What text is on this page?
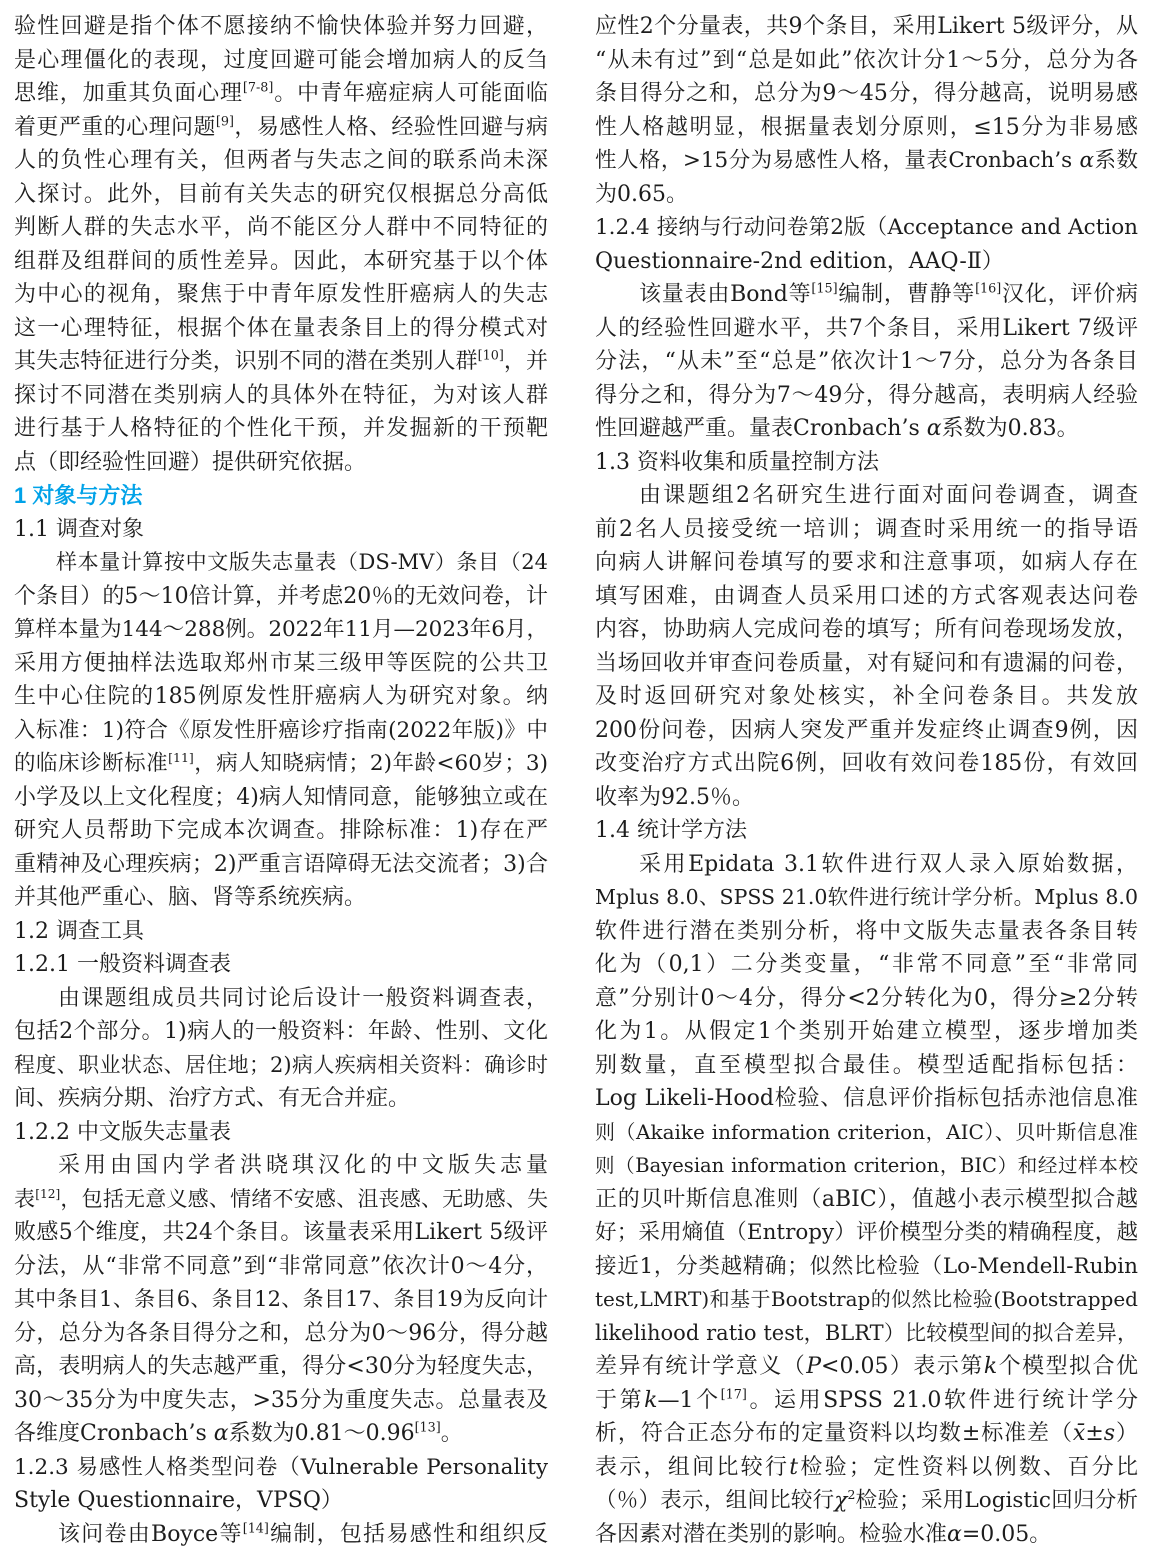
验性回避是指个体不愿接纳不愉快体验并努力回避，
是心理僵化的表现，过度回避可能会增加病人的反刍
思维，加重其负面心理[7-8]。中青年癌症病人可能面临
着更严重的心理问题[9]，易感性人格、经验性回避与病
人的负性心理有关，但两者与失志之间的联系尚未深
入探讨。此外，目前有关失志的研究仅根据总分高低
判断人群的失志水平，尚不能区分人群中不同特征的
组群及组群间的质性差异。因此，本研究基于以个体
为中心的视角，聚焦于中青年原发性肝癌病人的失志
这一心理特征，根据个体在量表条目上的得分模式对
其失志特征进行分类，识别不同的潜在类别人群[10]，并
探讨不同潜在类别病人的具体外在特征，为对该人群
进行基于人格特征的个性化干预，并发掘新的干预靶
点（即经验性回避）提供研究依据。
1 对象与方法
1.1 调查对象
样本量计算按中文版失志量表（DS-MV）条目（24
个条目）的5～10倍计算，并考虑20％的无效问卷，计
算样本量为144～288例。2022年11月—2023年6月，
采用方便抽样法选取郑州市某三级甲等医院的公共卫
生中心住院的185例原发性肝癌病人为研究对象。纳
入标准：1)符合《原发性肝癌诊疗指南(2022年版)》中
的临床诊断标准[11]，病人知晓病情；2)年龄<60岁；3)
小学及以上文化程度；4)病人知情同意，能够独立或在
研究人员帮助下完成本次调查。排除标准：1)存在严
重精神及心理疾病；2)严重言语障碍无法交流者；3)合
并其他严重心、脑、肾等系统疾病。
1.2 调查工具
1.2.1 一般资料调查表
由课题组成员共同讨论后设计一般资料调查表，
包括2个部分。1)病人的一般资料：年龄、性别、文化
程度、职业状态、居住地；2)病人疾病相关资料：确诊时
间、疾病分期、治疗方式、有无合并症。
1.2.2 中文版失志量表
采用由国内学者洪晓琪汉化的中文版失志量
表[12]，包括无意义感、情绪不安感、沮丧感、无助感、失
败感5个维度，共24个条目。该量表采用Likert 5级评
分法，从“非常不同意”到“非常同意”依次计0～4分，
其中条目1、条目6、条目12、条目17、条目19为反向计
分，总分为各条目得分之和，总分为0～96分，得分越
高，表明病人的失志越严重，得分<30分为轻度失志，
30～35分为中度失志，>35分为重度失志。总量表及
各维度Cronbach’s α系数为0.81～0.96[13]。
1.2.3 易感性人格类型问卷（Vulnerable Personality
Style Questionnaire，VPSQ）
该问卷由Boyce等[14]编制，包括易感性和组织反
应性2个分量表，共9个条目，采用Likert 5级评分，从
“从未有过”到“总是如此”依次计分1～5分，总分为各
条目得分之和，总分为9～45分，得分越高，说明易感
性人格越明显，根据量表划分原则，≤15分为非易感
性人格，>15分为易感性人格，量表Cronbach’s α系数
为0.65。
1.2.4 接纳与行动问卷第2版（Acceptance and Action
Questionnaire-2nd edition，AAQ-Ⅱ）
该量表由Bond等[15]编制，曹静等[16]汉化，评价病
人的经验性回避水平，共7个条目，采用Likert 7级评
分法，“从未”至“总是”依次计1～7分，总分为各条目
得分之和，得分为7～49分，得分越高，表明病人经验
性回避越严重。量表Cronbach’s α系数为0.83。
1.3 资料收集和质量控制方法
由课题组2名研究生进行面对面问卷调查，调查
前2名人员接受统一培训；调查时采用统一的指导语
向病人讲解问卷填写的要求和注意事项，如病人存在
填写困难，由调查人员采用口述的方式客观表达问卷
内容，协助病人完成问卷的填写；所有问卷现场发放，
当场回收并审查问卷质量，对有疑问和有遗漏的问卷，
及时返回研究对象处核实，补全问卷条目。共发放
200份问卷，因病人突发严重并发症终止调查9例，因
改变治疗方式出院6例，回收有效问卷185份，有效回
收率为92.5％。
1.4 统计学方法
采用Epidata 3.1软件进行双人录入原始数据，
Mplus 8.0、SPSS 21.0软件进行统计学分析。Mplus 8.0
软件进行潜在类别分析，将中文版失志量表各条目转
化为（0,1）二分类变量，“非常不同意”至“非常同
意”分别计0～4分，得分<2分转化为0，得分≥2分转
化为1。从假定1个类别开始建立模型，逐步增加类
别数量，直至模型拟合最佳。模型适配指标包括：
Log Likeli-Hood检验、信息评价指标包括赤池信息准
则（Akaike information criterion，AIC）、贝叶斯信息准
则（Bayesian information criterion，BIC）和经过样本校
正的贝叶斯信息准则（aBIC），值越小表示模型拟合越
好；采用熵值（Entropy）评价模型分类的精确程度，越
接近1，分类越精确；似然比检验（Lo-Mendell-Rubin
test,LMRT)和基于Bootstrap的似然比检验(Bootstrapped
likelihood ratio test，BLRT）比较模型间的拟合差异，
差异有统计学意义（P<0.05）表示第k个模型拟合优
于第k—1个[17]。运用SPSS 21.0软件进行统计学分
析，符合正态分布的定量资料以均数±标准差（x̄±s）
表示，组间比较行t检验；定性资料以例数、百分比
（％）表示，组间比较行$\chi^2$检验；采用Logistic回归分析
各因素对潜在类别的影响。检验水准α=0.05。
